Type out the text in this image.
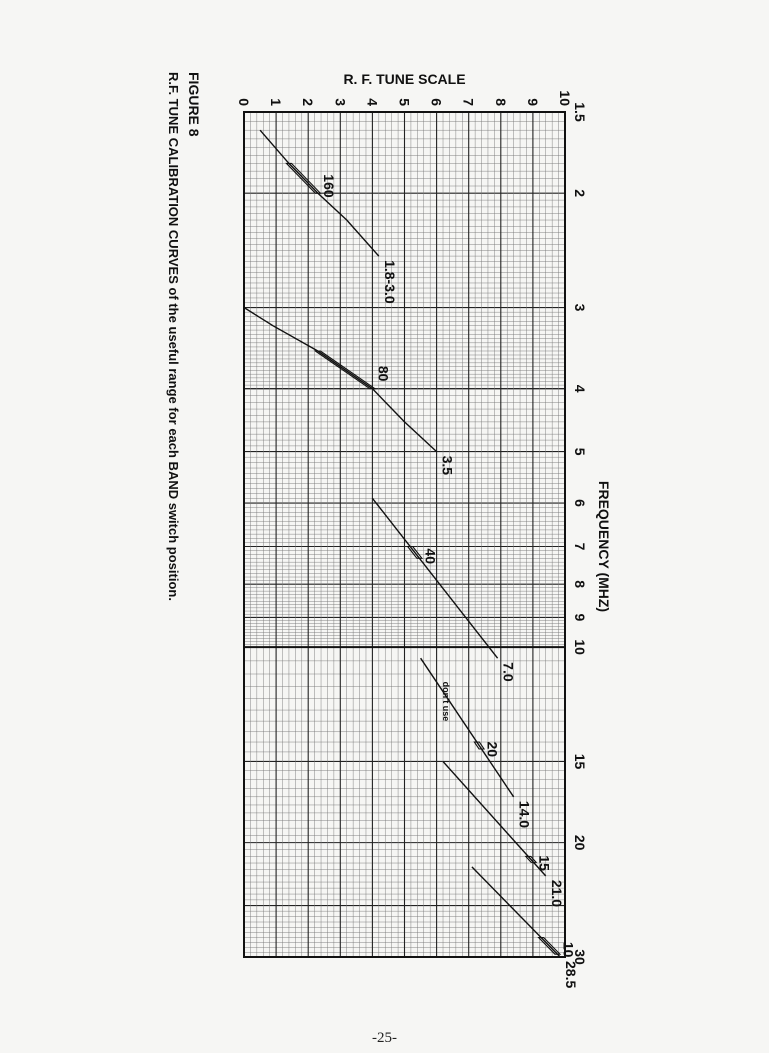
160
1.8-3.0
80
3.5
40
7.0
20
14.0
15
21.0
10
28.5
don't use
1.5
2
3
4
5
6
7
8
9
10
15
20
30
0 1 2 3 4 5 6 7 8 9 10
R. F. TUNE SCALE
FREQUENCY (MHZ)
FIGURE 8
R.F. TUNE CALIBRATION CURVES of the useful range for each BAND switch position.
-25-
